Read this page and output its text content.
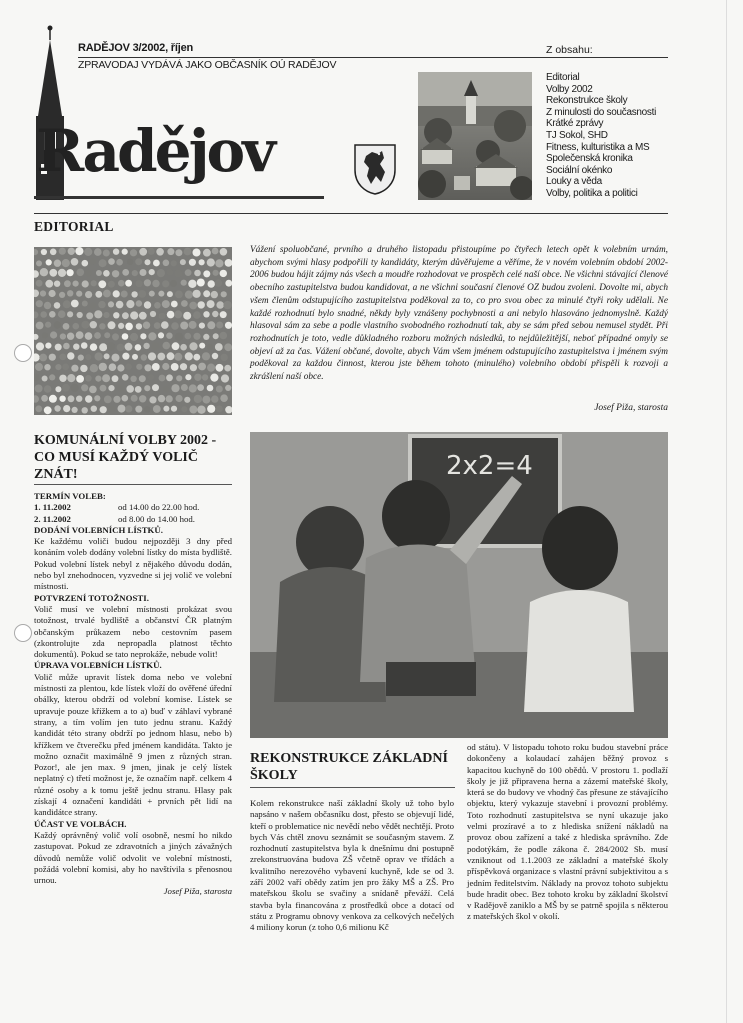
RADĚJOV 3/2002, říjen
ZPRAVODAJ VYDÁVÁ JAKO OBČASNÍK OÚ RADĚJOV
Radějov
Z obsahu:
Editorial
Volby 2002
Rekonstrukce školy
Z minulosti do současnosti
Krátké zprávy
TJ Sokol, SHD
Fitness, kulturistika a MS
Společenská kronika
Sociální okénko
Louky a věda
Volby, politika a politici
EDITORIAL
Vážení spoluobčané, prvního a druhého listopadu přistoupíme po čtyřech letech opět k volebním urnám, abychom svými hlasy podpořili ty kandidáty, kterým důvěřujeme a věříme, že v novém volebním období 2002-2006 budou hájit zájmy nás všech a moudře rozhodovat ve prospěch celé naší obce. Ne všichni stávající členové obecního zastupitelstva budou kandidovat, a ne všichni současní členové OZ budou zvoleni. Dovolte mi, abych všem členům odstupujícího zastupitelstva poděkoval za to, co pro svou obec za minulé čtyři roky udělali. Ne každé rozhodnutí bylo snadné, někdy byly vznášeny pochybnosti a ani nebylo hlasováno jednomyslně. Každý hlasoval sám za sebe a podle vlastního svobodného rozhodnutí tak, aby se sám před sebou nemusel stydět. Při rozhodnutích je toto, vedle důkladného rozboru možných následků, to nejdůležitější, neboť případné omyly se objeví až za čas. Vážení občané, dovolte, abych Vám všem jménem odstupujícího zastupitelstva i jménem svým poděkoval za každou činnost, kterou jste během tohoto (minulého) volebního období přispěli k rozvoji a zkrášlení naší obce.
Josef Piža, starosta
KOMUNÁLNÍ VOLBY 2002 - CO MUSÍ KAŽDÝ VOLIČ ZNÁT!
TERMÍN VOLEB:
1. 11.2002	od 14.00 do 22.00 hod.
2. 11.2002	od 8.00 do 14.00 hod.
DODÁNÍ VOLEBNÍCH LÍSTKŮ.
Ke každému voliči budou nejpozději 3 dny před konáním voleb dodány volební lístky do místa bydliště. Pokud volební lístek nebyl z nějakého důvodu dodán, nebo byl znehodnocen, vyzvedne si jej volič ve volební místnosti.
POTVRZENÍ TOTOŽNOSTI.
Volič musí ve volební místnosti prokázat svou totožnost, trvalé bydliště a občanství ČR platným občanským průkazem nebo cestovním pasem (zkontrolujte zda nepropadla platnost těchto dokumentů). Pokud se tato neprokáže, nebude volit!
ÚPRAVA VOLEBNÍCH LÍSTKŮ.
Volič může upravit lístek doma nebo ve volební místnosti za plentou, kde lístek vloží do ověřené úřední obálky, kterou obdrží od volební komise. Lístek se upravuje pouze křížkem a to a) buď v záhlaví vybrané strany, a tím volím jen tuto jednu stranu. Každý kandidát této strany obdrží po jednom hlasu, nebo b) křížkem ve čtverečku před jménem kandidáta. Takto je možno označit maximálně 9 jmen z různých stran. Pozor!, ale jen max. 9 jmen, jinak je celý lístek neplatný c) třetí možnost je, že označím např. celkem 4 různé osoby a k tomu ještě jednu stranu. Hlasy pak získají 4 označení kandidáti + prvních pět lidí na kandidátce strany.
ÚČAST VE VOLBÁCH.
Každý oprávněný volič volí osobně, nesmí ho nikdo zastupovat. Pokud ze zdravotních a jiných závažných důvodů nemůže volič odvolit ve volební místnosti, požádá volební komisi, aby ho navštívila s přenosnou urnou.
Josef Piža, starosta
2x2=4
REKONSTRUKCE ZÁKLADNÍ ŠKOLY
Kolem rekonstrukce naší základní školy už toho bylo napsáno v našem občasníku dost, přesto se objevují lidé, kteří o problematice nic nevědí nebo vědět nechtějí. Proto bych Vás chtěl znovu seznámit se současným stavem. Z rozhodnutí zastupitelstva byla k dnešnímu dni postupně zrekonstruována budova ZŠ včetně oprav ve třídách a kvalitního nerezového vybavení kuchyně, kde se od 3. září 2002 vaří obědy zatím jen pro žáky MŠ a ZŠ. Pro mateřskou školu se svačiny a snídaně převáží. Celá stavba byla financována z prostředků obce a dotací od státu z Programu obnovy venkova za celkových nečelých 4 miliony korun (z toho 0,6 milionu Kč
od státu). V listopadu tohoto roku budou stavební práce dokončeny a kolaudací zahájen běžný provoz s kapacitou kuchyně do 100 obědů. V prostoru 1. podlaží školy je již připravena herna a zázemí mateřské školy, která se do budovy ve vhodný čas přesune ze stávajícího objektu, který vykazuje stavební i provozní problémy. Toto rozhodnutí zastupitelstva se nyní ukazuje jako velmi prozíravé a to z hlediska snížení nákladů na provoz obou zařízení a také z hlediska správního. Zde podotýkám, že podle zákona č. 284/2002 Sb. musí vzniknout od 1.1.2003 ze základní a mateřské školy příspěvková organizace s vlastní právní subjektivitou a s jedním ředitelstvím. Náklady na provoz tohoto subjektu bude hradit obec. Bez tohoto kroku by základní školství v Radějově zaniklo a MŠ by se patrně spojila s některou z mateřských škol v okolí.
